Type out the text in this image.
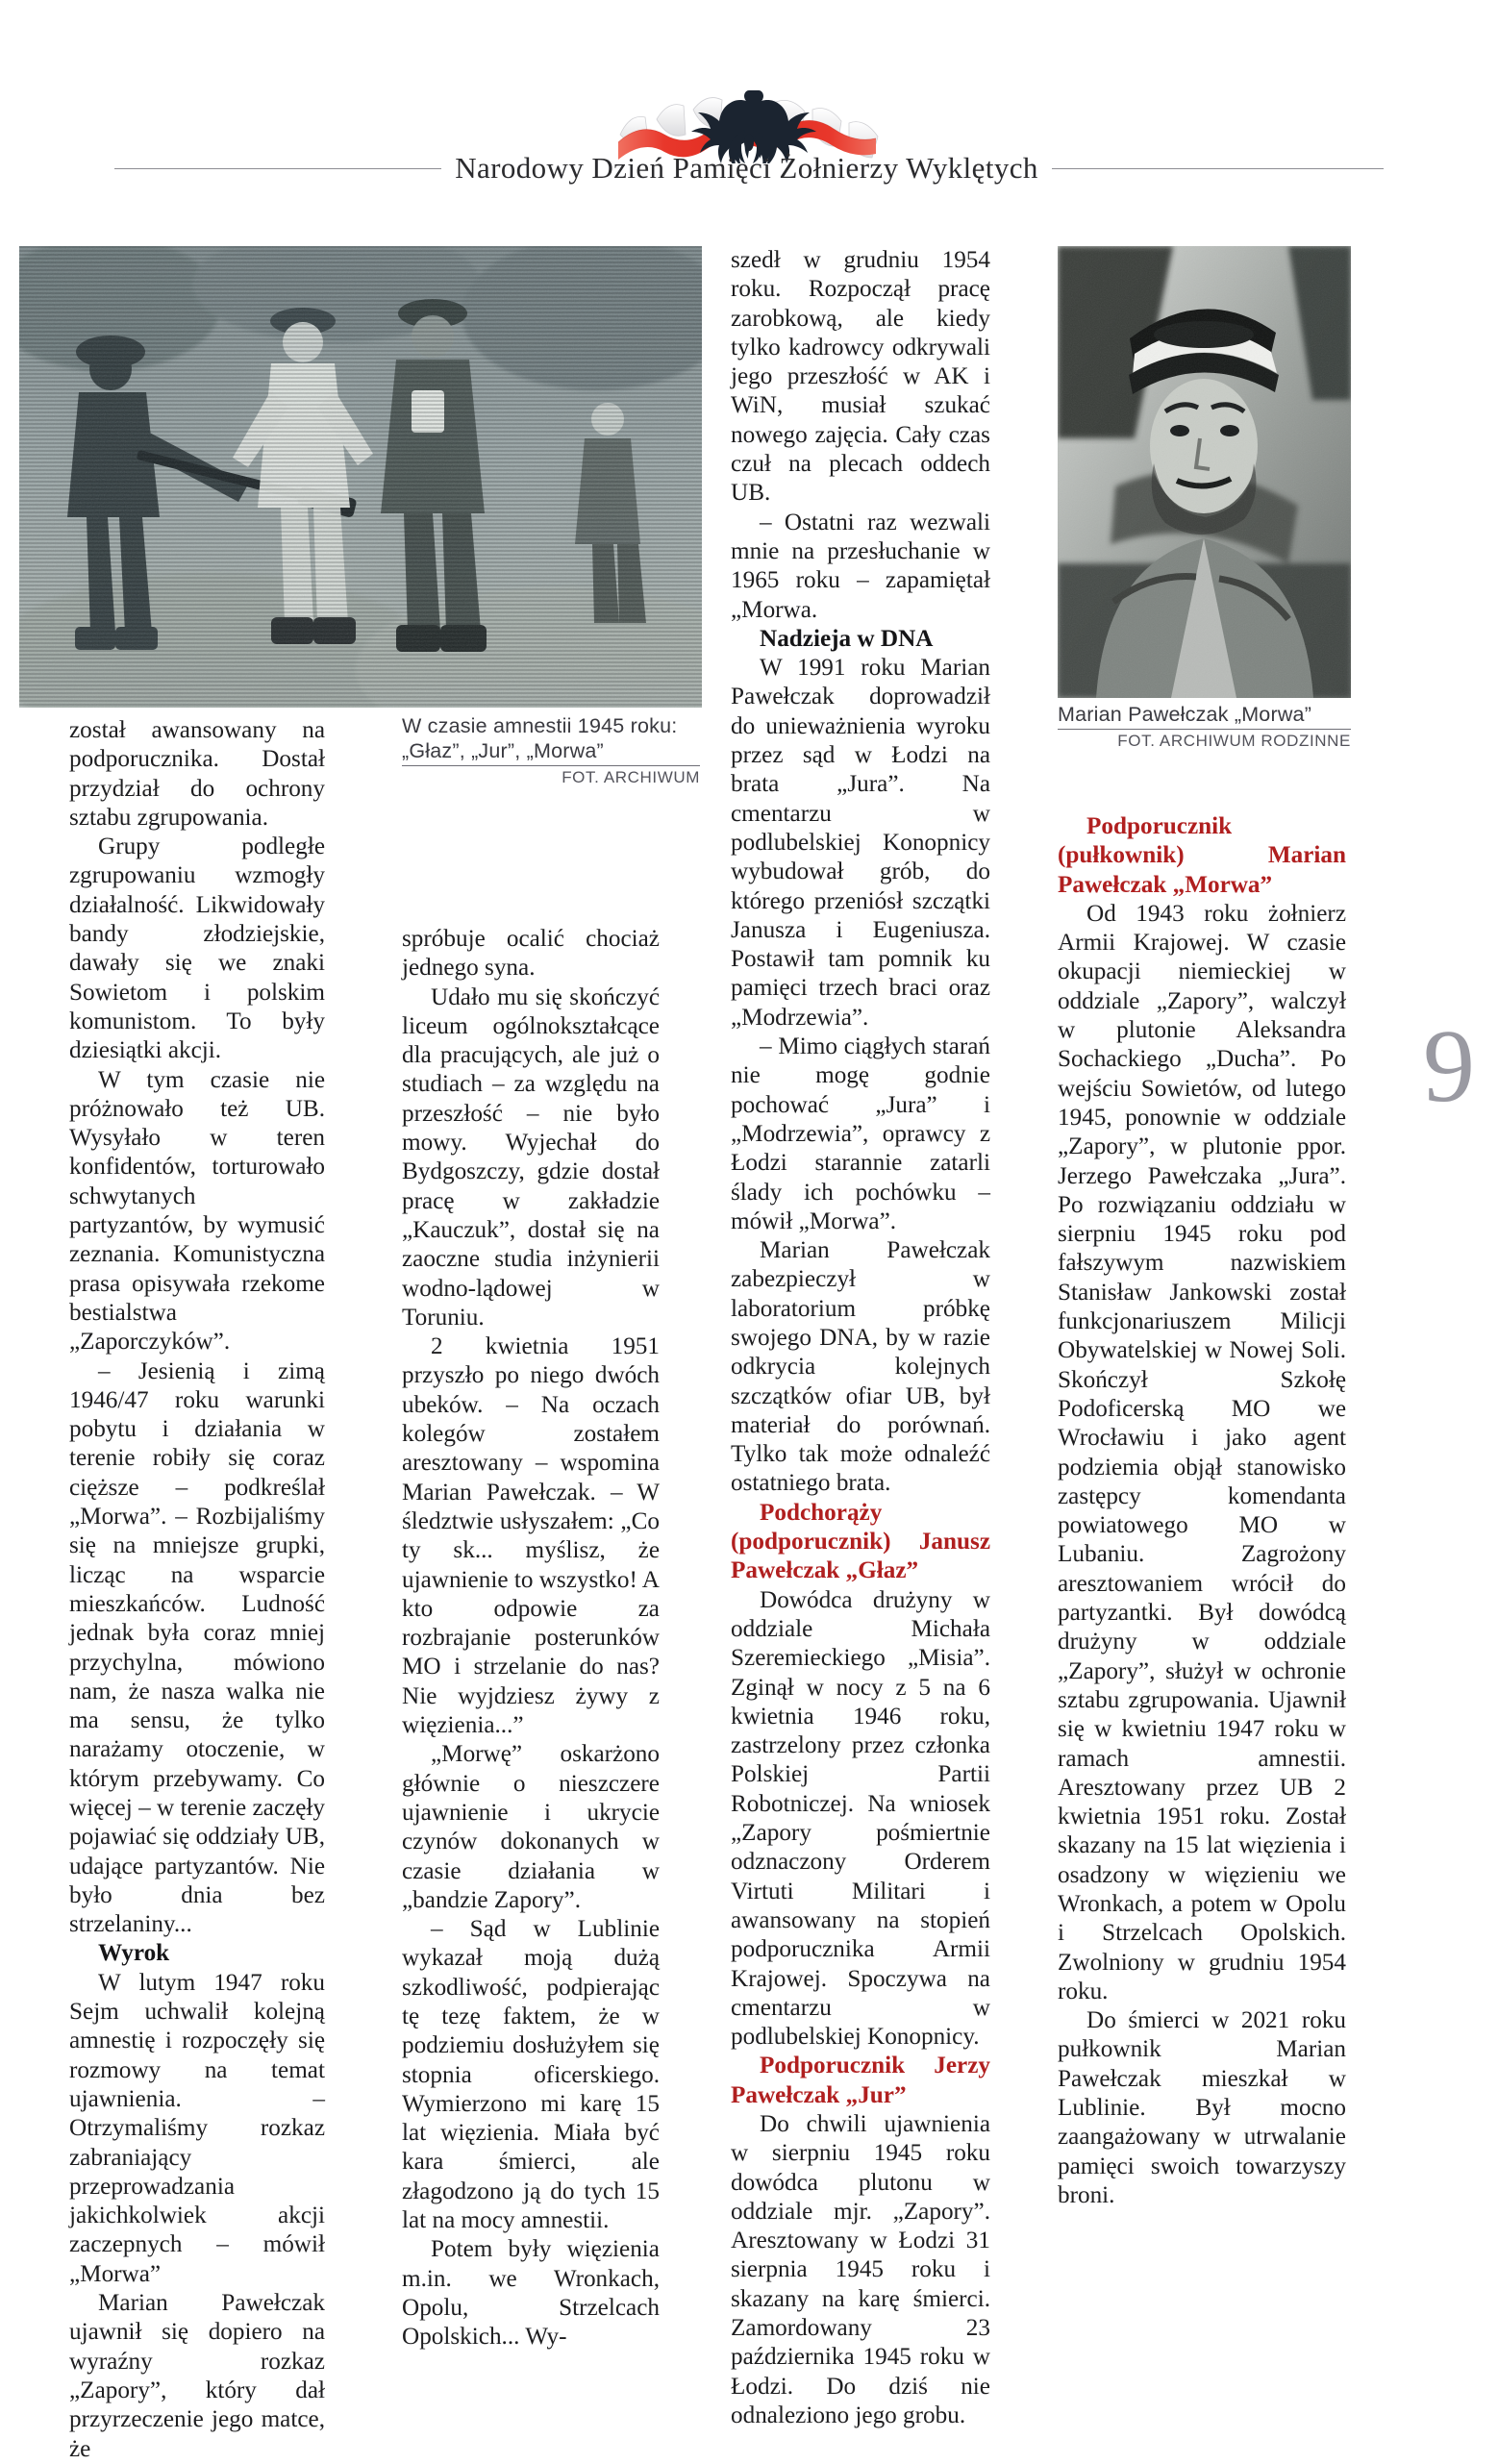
Narodowy Dzień Pamięci Żołnierzy Wyklętych
W czasie amnestii 1945 roku: „Głaz”, „Jur”, „Morwa”
FOT. ARCHIWUM
Marian Pawełczak „Morwa”
FOT. ARCHIWUM RODZINNE
9

został awansowany na podporucznika. Dostał przydział do ochrony sztabu zgrupowania.

Grupy podległe zgrupowaniu wzmogły działalność. Likwidowały bandy złodziejskie, dawały się we znaki Sowietom i polskim komunistom. To były dziesiątki akcji.

W tym czasie nie próżnowało też UB. Wysyłało w teren konfidentów, torturowało schwytanych partyzantów, by wymusić zeznania. Komunistyczna prasa opisywała rzekome bestialstwa „Zaporczyków”.

– Jesienią i zimą 1946/47 roku warunki pobytu i działania w terenie robiły się coraz cięższe – podkreślał „Morwa”. – Rozbijaliśmy się na mniejsze grupki, licząc na wsparcie mieszkańców. Ludność jednak była coraz mniej przychylna, mówiono nam, że nasza walka nie ma sensu, że tylko narażamy otoczenie, w którym przebywamy. Co więcej – w terenie zaczęły pojawiać się oddziały UB, udające partyzantów. Nie było dnia bez strzelaniny...

Wyrok

W lutym 1947 roku Sejm uchwalił kolejną amnestię i rozpoczęły się rozmowy na temat ujawnienia. – Otrzymaliśmy rozkaz zabraniający przeprowadzania jakichkolwiek akcji zaczepnych – mówił „Morwa”

Marian Pawełczak ujawnił się dopiero na wyraźny rozkaz „Zapory”, który dał przyrzeczenie jego matce, że

spróbuje ocalić chociaż jednego syna.

Udało mu się skończyć liceum ogólnokształcące dla pracujących, ale już o studiach – za względu na przeszłość – nie było mowy. Wyjechał do Bydgoszczy, gdzie dostał pracę w zakładzie „Kauczuk”, dostał się na zaoczne studia inżynierii wodno-lądowej w Toruniu.

2 kwietnia 1951 przyszło po niego dwóch ubeków. – Na oczach kolegów zostałem aresztowany – wspomina Marian Pawełczak. – W śledztwie usłyszałem: „Co ty sk... myślisz, że ujawnienie to wszystko! A kto odpowie za rozbrajanie posterunków MO i strzelanie do nas? Nie wyjdziesz żywy z więzienia...”

„Morwę” oskarżono głównie o nieszczere ujawnienie i ukrycie czynów dokonanych w czasie działania w „bandzie Zapory”.

– Sąd w Lublinie wykazał moją dużą szkodliwość, podpierając tę tezę faktem, że w podziemiu dosłużyłem się stopnia oficerskiego. Wymierzono mi karę 15 lat więzienia. Miała być kara śmierci, ale złagodzono ją do tych 15 lat na mocy amnestii.

Potem były więzienia m.in. we Wronkach, Opolu, Strzelcach Opolskich... Wy-

szedł w grudniu 1954 roku. Rozpoczął pracę zarobkową, ale kiedy tylko kadrowcy odkrywali jego przeszłość w AK i WiN, musiał szukać nowego zajęcia. Cały czas czuł na plecach oddech UB.

– Ostatni raz wezwali mnie na przesłuchanie w 1965 roku – zapamiętał „Morwa.

Nadzieja w DNA

W 1991 roku Marian Pawełczak doprowadził do unieważnienia wyroku przez sąd w Łodzi na brata „Jura”. Na cmentarzu w podlubelskiej Konopnicy wybudował grób, do którego przeniósł szczątki Janusza i Eugeniusza. Postawił tam pomnik ku pamięci trzech braci oraz „Modrzewia”.

– Mimo ciągłych starań nie mogę godnie pochować „Jura” i „Modrzewia”, oprawcy z Łodzi starannie zatarli ślady ich pochówku – mówił „Morwa”.

Marian Pawełczak zabezpieczył w laboratorium próbkę swojego DNA, by w razie odkrycia kolejnych szczątków ofiar UB, był materiał do porównań. Tylko tak może odnaleźć ostatniego brata.

Podchorąży (podporucznik) Janusz Pawełczak „Głaz”

Dowódca drużyny w oddziale Michała Szeremieckiego „Misia”. Zginął w nocy z 5 na 6 kwietnia 1946 roku, zastrzelony przez członka Polskiej Partii Robotniczej. Na wniosek „Zapory pośmiertnie odznaczony Orderem Virtuti Militari i awansowany na stopień podporucznika Armii Krajowej. Spoczywa na cmentarzu w podlubelskiej Konopnicy.

Podporucznik Jerzy Pawełczak „Jur”

Do chwili ujawnienia w sierpniu 1945 roku dowódca plutonu w oddziale mjr. „Zapory”. Aresztowany w Łodzi 31 sierpnia 1945 roku i skazany na karę śmierci. Zamordowany 23 października 1945 roku w Łodzi. Do dziś nie odnaleziono jego grobu.

Podporucznik (pułkownik) Marian Pawełczak „Morwa”

Od 1943 roku żołnierz Armii Krajowej. W czasie okupacji niemieckiej w oddziale „Zapory”, walczył w plutonie Aleksandra Sochackiego „Ducha”. Po wejściu Sowietów, od lutego 1945, ponownie w oddziale „Zapory”, w plutonie ppor. Jerzego Pawełczaka „Jura”. Po rozwiązaniu oddziału w sierpniu 1945 roku pod fałszywym nazwiskiem Stanisław Jankowski został funkcjonariuszem Milicji Obywatelskiej w Nowej Soli. Skończył Szkołę Podoficerską MO we Wrocławiu i jako agent podziemia objął stanowisko zastępcy komendanta powiatowego MO w Lubaniu. Zagrożony aresztowaniem wrócił do partyzantki. Był dowódcą drużyny w oddziale „Zapory”, służył w ochronie sztabu zgrupowania. Ujawnił się w kwietniu 1947 roku w ramach amnestii. Aresztowany przez UB 2 kwietnia 1951 roku. Został skazany na 15 lat więzienia i osadzony w więzieniu we Wronkach, a potem w Opolu i Strzelcach Opolskich. Zwolniony w grudniu 1954 roku.

Do śmierci w 2021 roku pułkownik Marian Pawełczak mieszkał w Lublinie. Był mocno zaangażowany w utrwalanie pamięci swoich towarzyszy broni.
